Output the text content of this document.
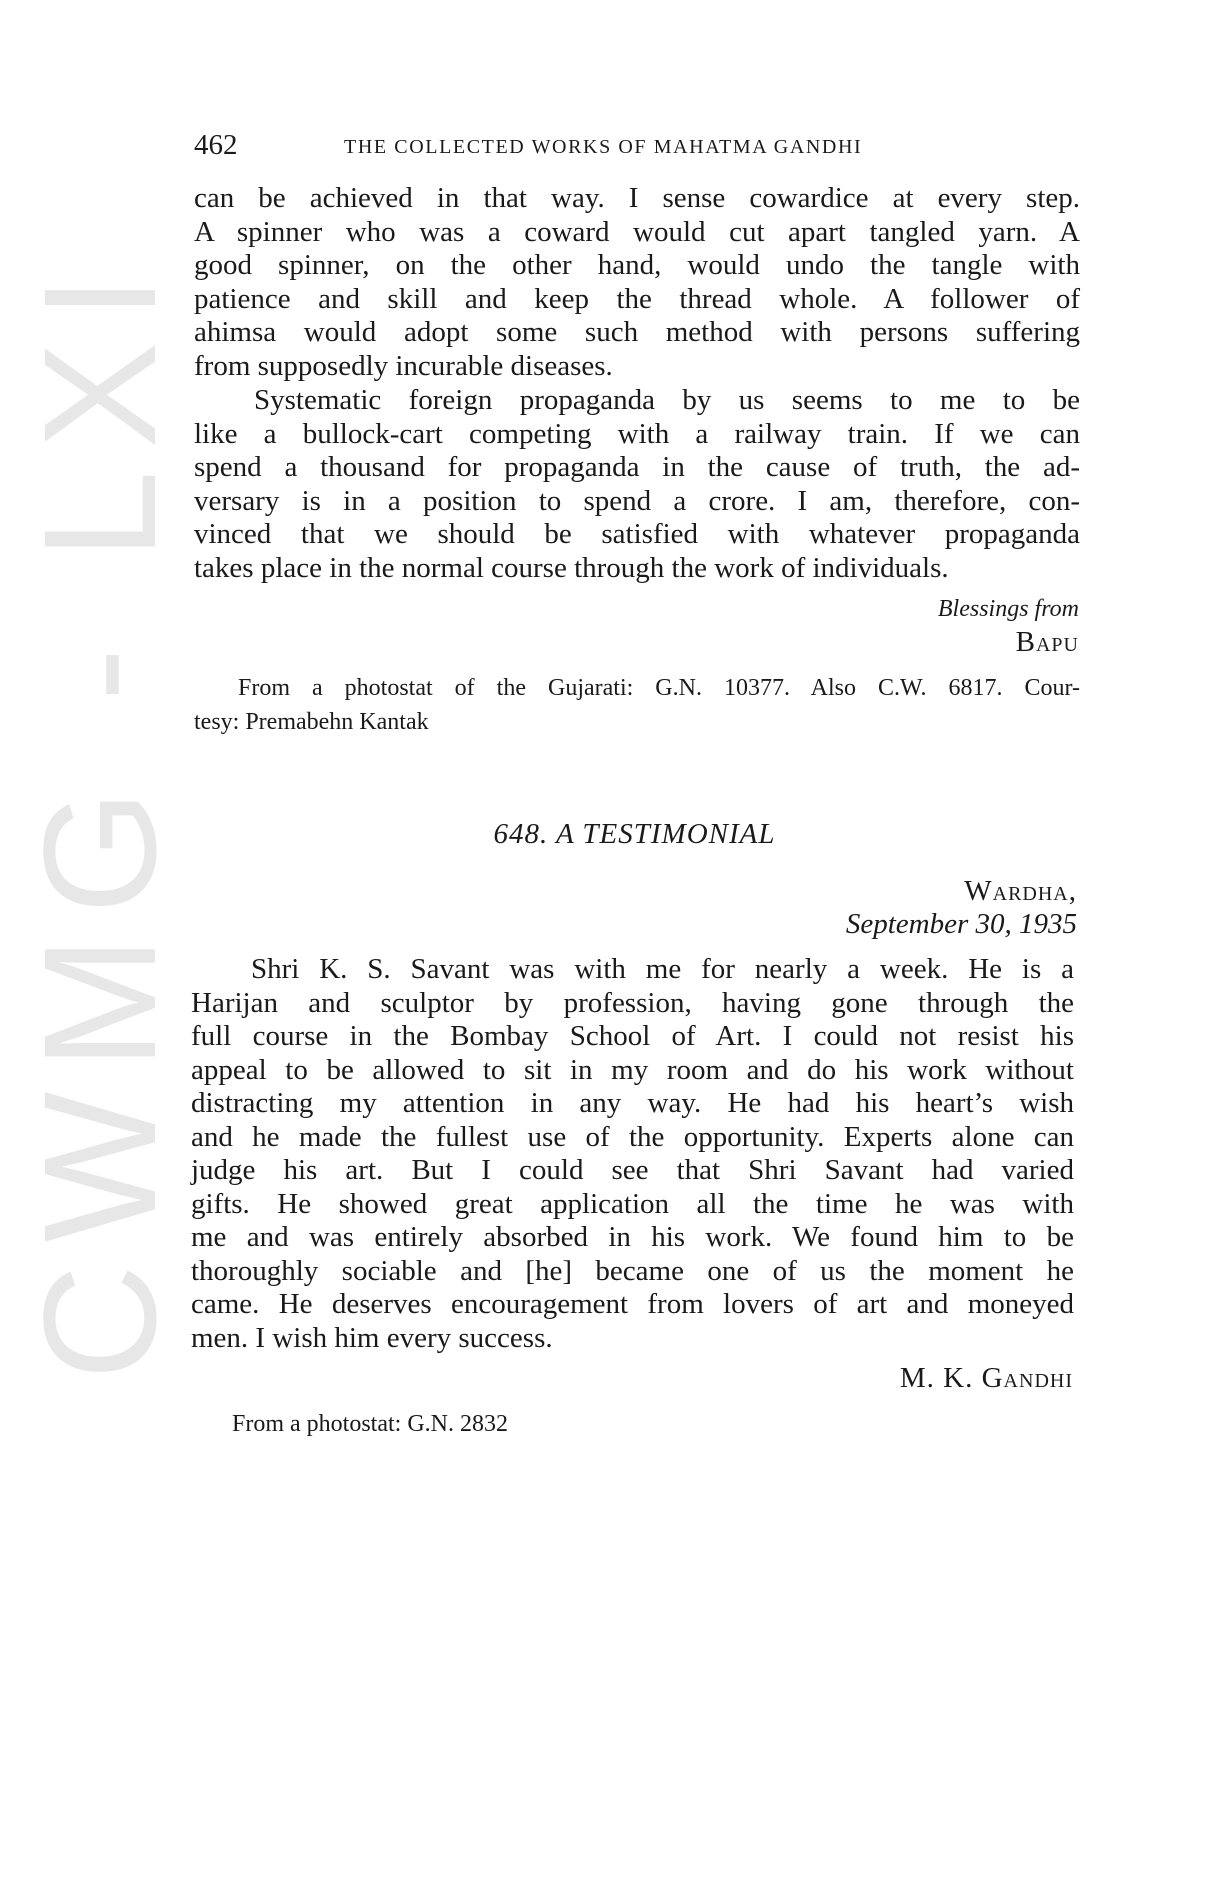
CWMG - LXI
462	THE COLLECTED WORKS OF MAHATMA GANDHI

can be achieved in that way. I sense cowardice at every step.
A spinner who was a coward would cut apart tangled yarn. A
good spinner, on the other hand, would undo the tangle with
patience and skill and keep the thread whole. A follower of
ahimsa would adopt some such method with persons suffering
from supposedly incurable diseases.

Systematic foreign propaganda by us seems to me to be
like a bullock-cart competing with a railway train. If we can
spend a thousand for propaganda in the cause of truth, the ad-
versary is in a position to spend a crore. I am, therefore, con-
vinced that we should be satisfied with whatever propaganda
takes place in the normal course through the work of individuals.

Blessings from
Bapu
From a photostat of the Gujarati: G.N. 10377. Also C.W. 6817. Cour-
tesy: Premabehn Kantak
648. A TESTIMONIAL
Wardha,
September 30, 1935

Shri K. S. Savant was with me for nearly a week. He is a
Harijan and sculptor by profession, having gone through the
full course in the Bombay School of Art. I could not resist his
appeal to be allowed to sit in my room and do his work without
distracting my attention in any way. He had his heart’s wish
and he made the fullest use of the opportunity. Experts alone can
judge his art. But I could see that Shri Savant had varied
gifts. He showed great application all the time he was with
me and was entirely absorbed in his work. We found him to be
thoroughly sociable and [he] became one of us the moment he
came. He deserves encouragement from lovers of art and moneyed
men. I wish him every success.

M. K. Gandhi
From a photostat: G.N. 2832
